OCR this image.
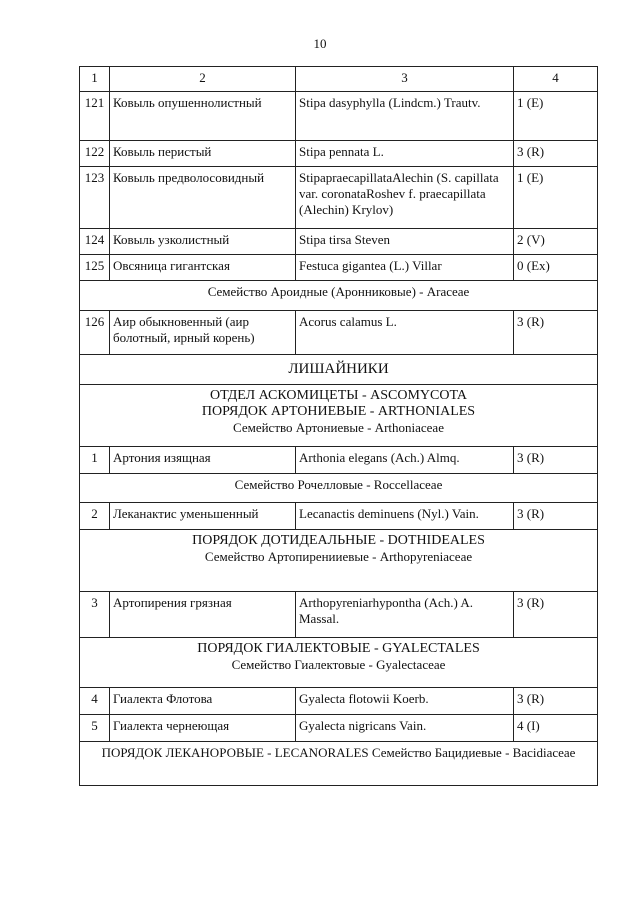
10
1	2	3	4
121	Ковыль опушеннолистный	Stipa dasyphylla (Lindcm.) Trautv.	1 (E)
122	Ковыль перистый	Stipa pennata L.	3 (R)
123	Ковыль предволосовидный	StipapraecapillataAlechin (S. capillata var. coronataRoshev f. praecapillata (Alechin) Krylov)	1 (E)
124	Ковыль узколистный	Stipa tirsa Steven	2 (V)
125	Овсяница гигантская	Festuca gigantea (L.) Villar	0 (Ex)

Семейство Ароидные (Аронниковые) - Araceae			

126	Аир обыкновенный (аир болотный, ирный корень)	Acorus calamus L.	3 (R)

ЛИШАЙНИКИ			

ОТДЕЛ АСКОМИЦЕТЫ - ASCOMYCOTA
ПОРЯДОК АРТОНИЕВЫЕ - ARTHONIALES
Семейство Артониевые - Arthoniaceae			

1	Артония изящная	Arthonia elegans (Ach.) Almq.	3 (R)

Семейство Рочелловые - Roccellaceae			

2	Леканактис уменьшенный	Lecanactis deminuens (Nyl.) Vain.	3 (R)

ПОРЯДОК ДОТИДЕАЛЬНЫЕ - DOTHIDEALES
Семейство Артопиренииевые - Arthopyreniaceae			

3	Артопирения грязная	Arthopyreniarhypontha (Ach.) A. Massal.	3 (R)

ПОРЯДОК ГИАЛЕКТОВЫЕ - GYALECTALES
Семейство Гиалектовые - Gyalectaceae			

4	Гиалекта Флотова	Gyalecta flotowii Koerb.	3 (R)
5	Гиалекта чернеющая	Gyalecta nigricans Vain.	4 (I)

ПОРЯДОК ЛЕКАНОРОВЫЕ - LECANORALES Семейство Бацидиевые - Bacidiaceae			
